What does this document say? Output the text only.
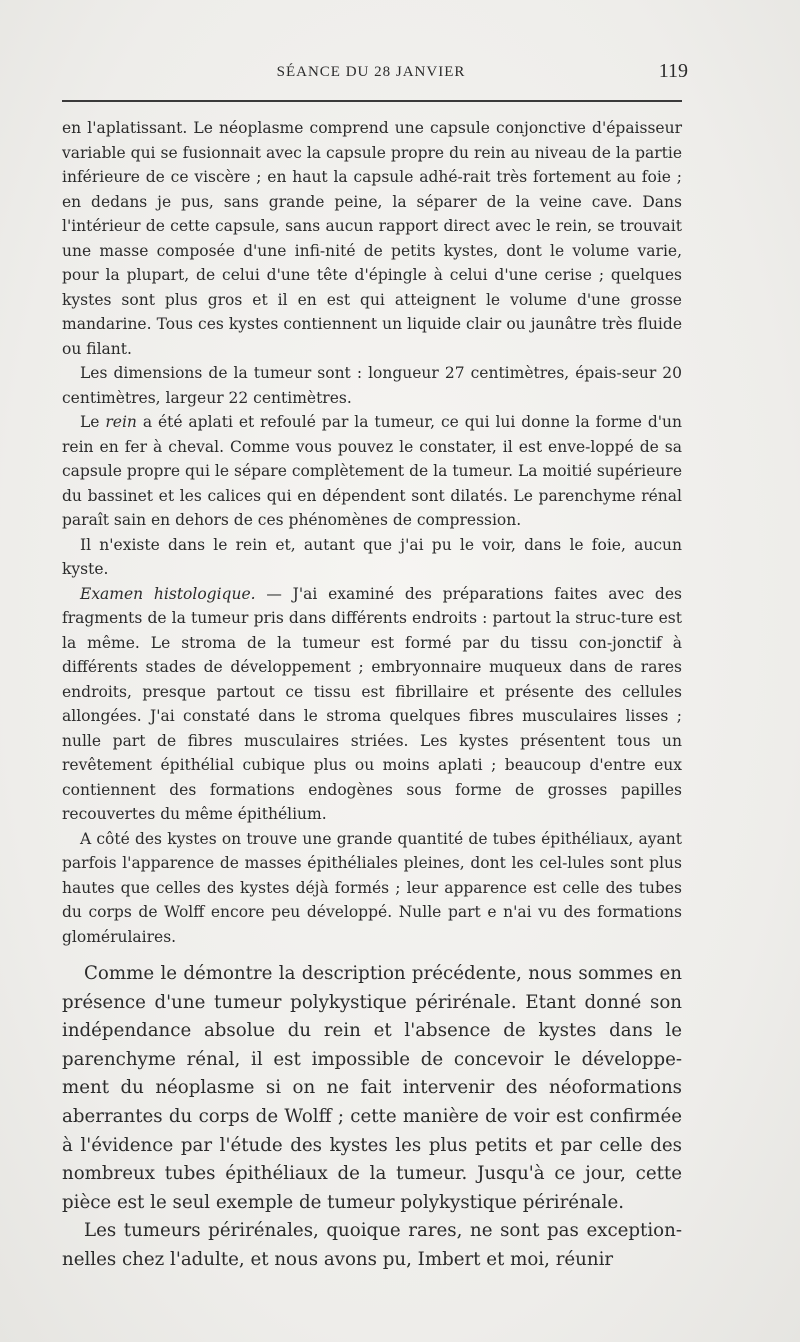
SÉANCE DU 28 JANVIER	119

en l'aplatissant. Le néoplasme comprend une capsule conjonctive d'épaisseur variable qui se fusionnait avec la capsule propre du rein au niveau de la partie inférieure de ce viscère ; en haut la capsule adhé-rait très fortement au foie ; en dedans je pus, sans grande peine, la séparer de la veine cave. Dans l'intérieur de cette capsule, sans aucun rapport direct avec le rein, se trouvait une masse composée d'une infi-nité de petits kystes, dont le volume varie, pour la plupart, de celui d'une tête d'épingle à celui d'une cerise ; quelques kystes sont plus gros et il en est qui atteignent le volume d'une grosse mandarine. Tous ces kystes contiennent un liquide clair ou jaunâtre très fluide ou filant.

Les dimensions de la tumeur sont : longueur 27 centimètres, épais-seur 20 centimètres, largeur 22 centimètres.

Le rein a été aplati et refoulé par la tumeur, ce qui lui donne la forme d'un rein en fer à cheval. Comme vous pouvez le constater, il est enve-loppé de sa capsule propre qui le sépare complètement de la tumeur. La moitié supérieure du bassinet et les calices qui en dépendent sont dilatés. Le parenchyme rénal paraît sain en dehors de ces phénomènes de compression.

Il n'existe dans le rein et, autant que j'ai pu le voir, dans le foie, aucun kyste.

Examen histologique. — J'ai examiné des préparations faites avec des fragments de la tumeur pris dans différents endroits : partout la struc-ture est la même. Le stroma de la tumeur est formé par du tissu con-jonctif à différents stades de développement ; embryonnaire muqueux dans de rares endroits, presque partout ce tissu est fibrillaire et présente des cellules allongées. J'ai constaté dans le stroma quelques fibres musculaires lisses ; nulle part de fibres musculaires striées. Les kystes présentent tous un revêtement épithélial cubique plus ou moins aplati ; beaucoup d'entre eux contiennent des formations endogènes sous forme de grosses papilles recouvertes du même épithélium.

A côté des kystes on trouve une grande quantité de tubes épithéliaux, ayant parfois l'apparence de masses épithéliales pleines, dont les cel-lules sont plus hautes que celles des kystes déjà formés ; leur apparence est celle des tubes du corps de Wolff encore peu développé. Nulle part e n'ai vu des formations glomérulaires.

Comme le démontre la description précédente, nous sommes en présence d'une tumeur polykystique périrénale. Etant donné son indépendance absolue du rein et l'absence de kystes dans le parenchyme rénal, il est impossible de concevoir le développe-ment du néoplasme si on ne fait intervenir des néoformations aberrantes du corps de Wolff ; cette manière de voir est confirmée à l'évidence par l'étude des kystes les plus petits et par celle des nombreux tubes épithéliaux de la tumeur. Jusqu'à ce jour, cette pièce est le seul exemple de tumeur polykystique périrénale.

Les tumeurs périrénales, quoique rares, ne sont pas exception-nelles chez l'adulte, et nous avons pu, Imbert et moi, réunir
